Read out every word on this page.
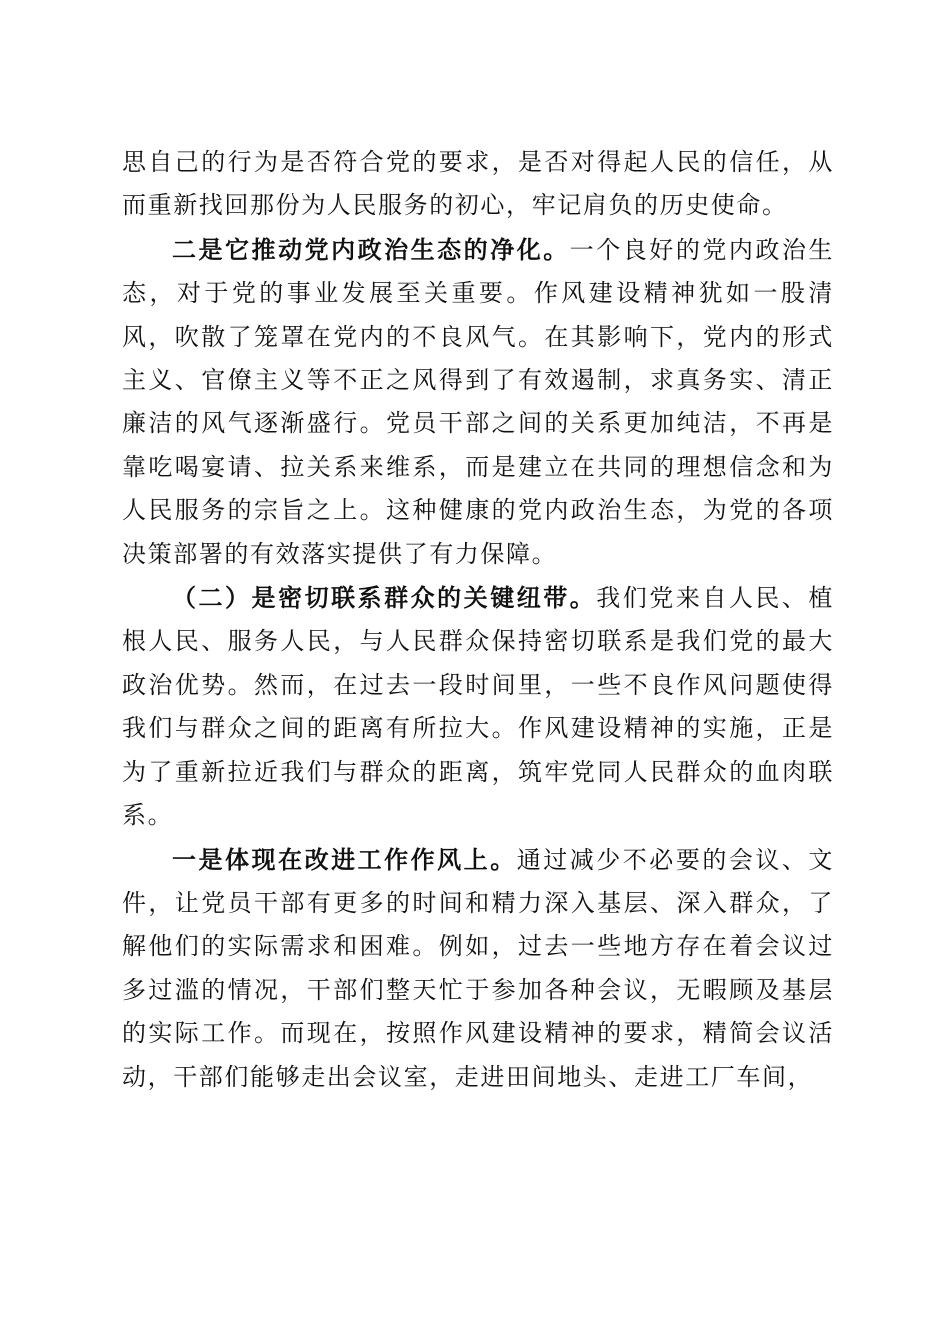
思自己的行为是否符合党的要求，是否对得起人民的信任，从而重新找回那份为人民服务的初心，牢记肩负的历史使命。

二是它推动党内政治生态的净化。一个良好的党内政治生态，对于党的事业发展至关重要。作风建设精神犹如一股清风，吹散了笼罩在党内的不良风气。在其影响下，党内的形式主义、官僚主义等不正之风得到了有效遏制，求真务实、清正廉洁的风气逐渐盛行。党员干部之间的关系更加纯洁，不再是靠吃喝宴请、拉关系来维系，而是建立在共同的理想信念和为人民服务的宗旨之上。这种健康的党内政治生态，为党的各项决策部署的有效落实提供了有力保障。

（二）是密切联系群众的关键纽带。我们党来自人民、植根人民、服务人民，与人民群众保持密切联系是我们党的最大政治优势。然而，在过去一段时间里，一些不良作风问题使得我们与群众之间的距离有所拉大。作风建设精神的实施，正是为了重新拉近我们与群众的距离，筑牢党同人民群众的血肉联系。

一是体现在改进工作作风上。通过减少不必要的会议、文件，让党员干部有更多的时间和精力深入基层、深入群众，了解他们的实际需求和困难。例如，过去一些地方存在着会议过多过滥的情况，干部们整天忙于参加各种会议，无暇顾及基层的实际工作。而现在，按照作风建设精神的要求，精简会议活动，干部们能够走出会议室，走进田间地头、走进工厂车间，
